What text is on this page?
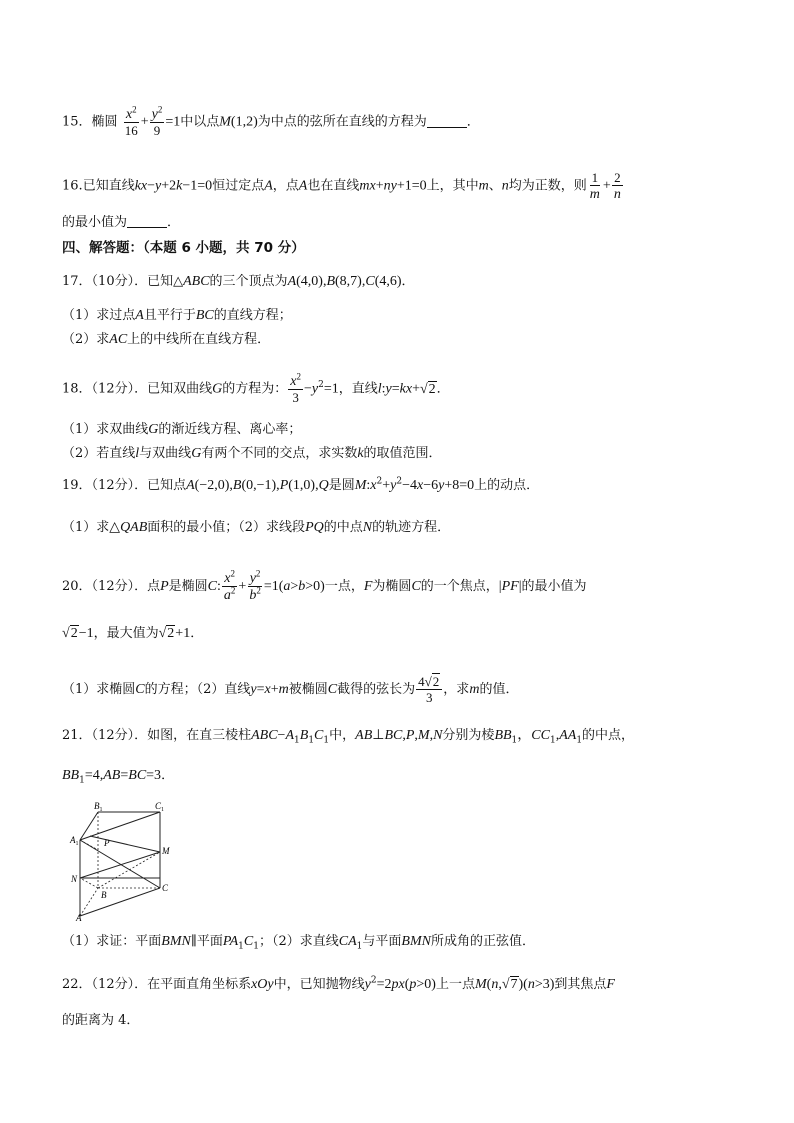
15．椭圆 $\frac{x^2}{16} + \frac{y^2}{9} =1$中以点M(1,2)为中点的弦所在直线的方程为	．
16.已知直线kx−y+2k−1=0恒过定点A，点A也在直线mx+ny+1=0上，其中m、n均为正数，则 $\frac{1}{m} + \frac{2}{n}$
的最小值为	．
四、解答题：（本题 6 小题，共 70 分）
17．（10分）．已知△ABC的三个顶点为A(4,0),B(8,7),C(4,6)．
（1）求过点A且平行于BC的直线方程；
（2）求AC上的中线所在直线方程．
18．（12分）．已知双曲线G的方程为： $\frac{x^2}{3} -y^2=1$，直线l:y=kx+√2．
（1）求双曲线G的渐近线方程、离心率；
（2）若直线l与双曲线G有两个不同的交点，求实数k的取值范围．
19．（12分）．已知点A(−2,0),B(0,−1),P(1,0),Q是圆$M:x^2+y^2-4x-6y+8=0$上的动点．
（1）求△QAB面积的最小值；（2）求线段PQ的中点N的轨迹方程．
20．（12分）．点P是椭圆C: $\frac{x^2}{a^2} + \frac{y^2}{b^2} =1(a>b>0)$一点，F为椭圆C的一个焦点，|PF|的最小值为
√2−1，最大值为√2+1．
（1）求椭圆C的方程；（2）直线y=x+m被椭圆C截得的弦长为 $\frac{4√2}{3}$ ，求m的值．
21．（12分）．如图，在直三棱柱$ABC-A_1B_1C_1$中，AB⊥BC,P,M,N分别为棱$BB_1$，$CC_1,AA_1$的中点，
$BB_1=4,AB=BC=3$．
$B_1$	$C_1$
$A_1$	P
M
N
B
C
A
（1）求证：平面BMN∥平面$PA_1C_1$；（2）求直线$CA_1$与平面BMN所成角的正弦值．
22．（12分）．在平面直角坐标系xOy中，已知抛物线$y^2=2px(p>0)$上一点M(n,√7)(n>3)到其焦点F
的距离为 4．
